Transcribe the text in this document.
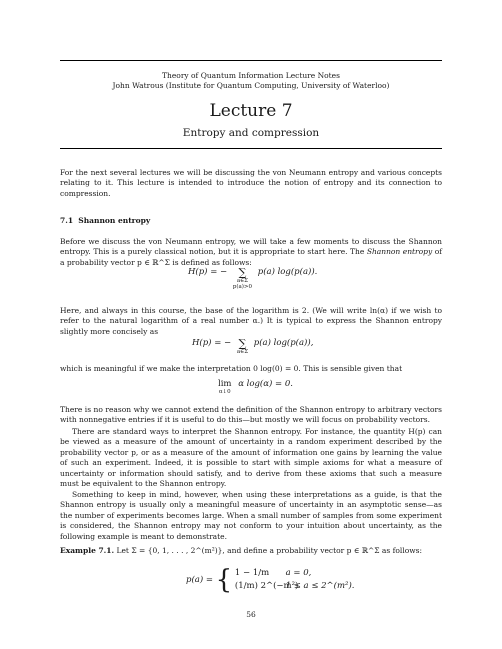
Theory of Quantum Information Lecture Notes
John Watrous (Institute for Quantum Computing, University of Waterloo)
Lecture 7
Entropy and compression
For the next several lectures we will be discussing the von Neumann entropy and various concepts relating to it. This lecture is intended to introduce the notion of entropy and its connection to compression.
7.1 Shannon entropy
Before we discuss the von Neumann entropy, we will take a few moments to discuss the Shannon entropy. This is a purely classical notion, but it is appropriate to start here. The Shannon entropy of a probability vector p ∈ ℝ^Σ is defined as follows:
H(p) = −	∑
a∈Σ
p(a)>0
p(a) log(p(a)).
Here, and always in this course, the base of the logarithm is 2. (We will write ln(α) if we wish to refer to the natural logarithm of a real number α.) It is typical to express the Shannon entropy slightly more concisely as
H(p) = − ∑
a∈Σ
p(a) log(p(a)),
which is meaningful if we make the interpretation 0 log(0) = 0. This is sensible given that
lim
α↓0
α log(α) = 0.
There is no reason why we cannot extend the definition of the Shannon entropy to arbitrary vectors with nonnegative entries if it is useful to do this—but mostly we will focus on probability vectors.
There are standard ways to interpret the Shannon entropy. For instance, the quantity H(p) can be viewed as a measure of the amount of uncertainty in a random experiment described by the probability vector p, or as a measure of the amount of information one gains by learning the value of such an experiment. Indeed, it is possible to start with simple axioms for what a measure of uncertainty or information should satisfy, and to derive from these axioms that such a measure must be equivalent to the Shannon entropy.
Something to keep in mind, however, when using these interpretations as a guide, is that the Shannon entropy is usually only a meaningful measure of uncertainty in an asymptotic sense—as the number of experiments becomes large. When a small number of samples from some experiment is considered, the Shannon entropy may not conform to your intuition about uncertainty, as the following example is meant to demonstrate.
Example 7.1. Let Σ = {0, 1, . . . , 2^(m²)}, and define a probability vector p ∈ ℝ^Σ as follows:
p(a) = { 1 − 1/m a = 0,
(1/m) 2^(−m²) 1 ≤ a ≤ 2^(m²).
56
